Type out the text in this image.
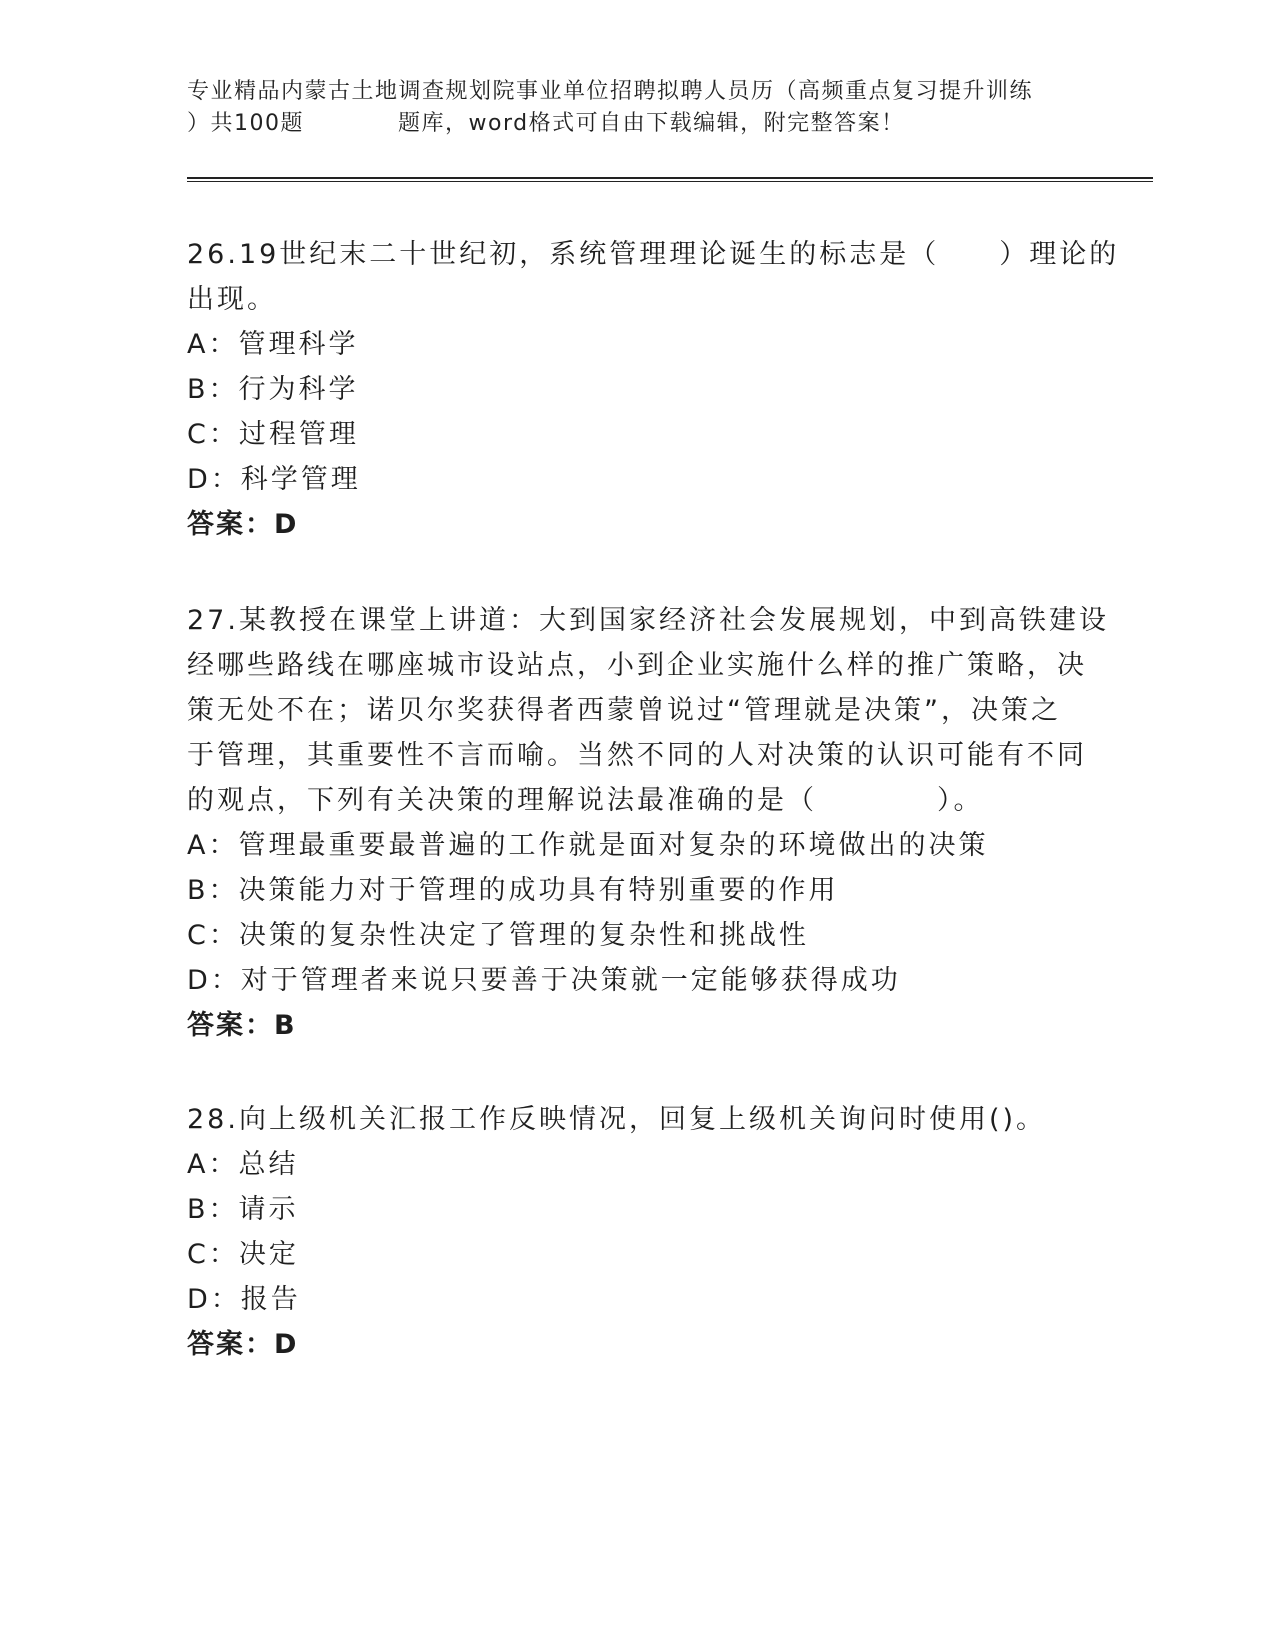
专业精品内蒙古土地调查规划院事业单位招聘拟聘人员历（高频重点复习提升训练
）共100题　　　　题库，word格式可自由下载编辑，附完整答案！
26.19世纪末二十世纪初，系统管理理论诞生的标志是（　　）理论的
出现。
A：管理科学
B：行为科学
C：过程管理
D：科学管理
答案：D
27.某教授在课堂上讲道：大到国家经济社会发展规划，中到高铁建设
经哪些路线在哪座城市设站点，小到企业实施什么样的推广策略，决
策无处不在；诺贝尔奖获得者西蒙曾说过“管理就是决策”，决策之
于管理，其重要性不言而喻。当然不同的人对决策的认识可能有不同
的观点，下列有关决策的理解说法最准确的是（　　　　）。
A：管理最重要最普遍的工作就是面对复杂的环境做出的决策
B：决策能力对于管理的成功具有特别重要的作用
C：决策的复杂性决定了管理的复杂性和挑战性
D：对于管理者来说只要善于决策就一定能够获得成功
答案：B
28.向上级机关汇报工作反映情况，回复上级机关询问时使用()。
A：总结
B：请示
C：决定
D：报告
答案：D
